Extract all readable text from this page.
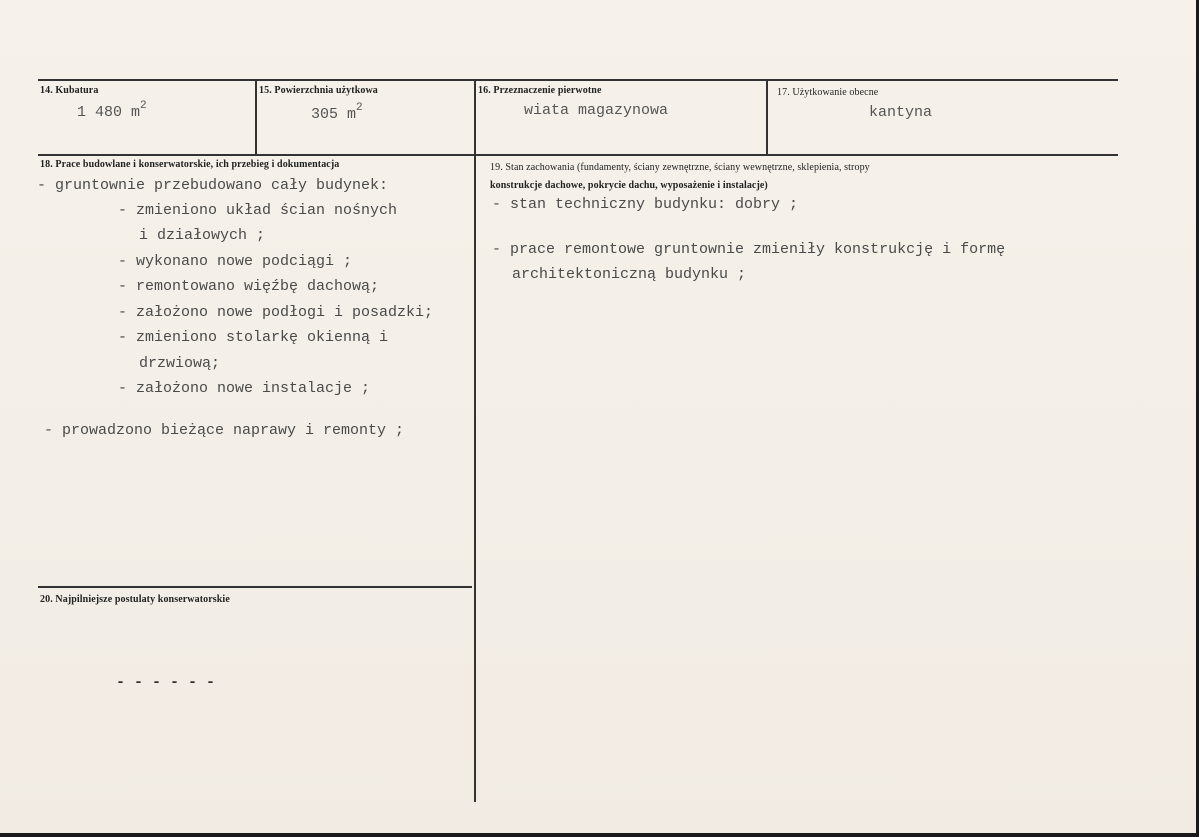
14. Kubatura
1 480 $m^2$
15. Powierzchnia użytkowa
305 $m^2$
16. Przeznaczenie pierwotne
wiata magazynowa
17. Użytkowanie obecne
kantyna
18. Prace budowlane i konserwatorskie, ich przebieg i dokumentacja
- gruntownie przebudowano cały budynek:
- zmieniono układ ścian nośnych
i działowych ;
- wykonano nowe podciągi ;
- remontowano więźbę dachową;
- założono nowe podłogi i posadzki;
- zmieniono stolarkę okienną i
drzwiową;
- założono nowe instalacje ;
- prowadzono bieżące naprawy i remonty ;
19. Stan zachowania (fundamenty, ściany zewnętrzne, ściany wewnętrzne, sklepienia, stropy
konstrukcje dachowe, pokrycie dachu, wyposażenie i instalacje)
- stan techniczny budynku: dobry ;
- prace remontowe gruntownie zmieniły konstrukcję i formę
architektoniczną budynku ;
20. Najpilniejsze postulaty konserwatorskie
- - - - - -
